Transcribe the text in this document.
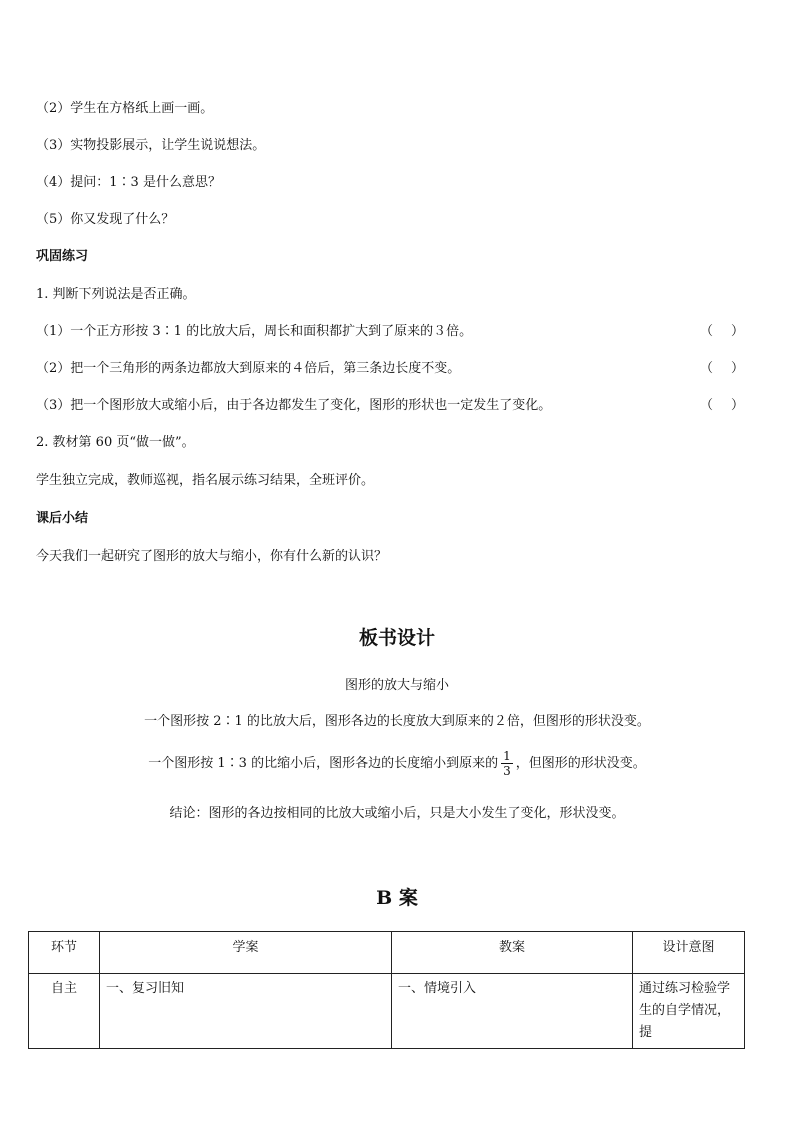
（2）学生在方格纸上画一画。
（3）实物投影展示，让学生说说想法。
（4）提问：1∶3 是什么意思？
（5）你又发现了什么？
巩固练习
1. 判断下列说法是否正确。
（1）一个正方形按 3∶1 的比放大后，周长和面积都扩大到了原来的３倍。	（ ）
（2）把一个三角形的两条边都放大到原来的４倍后，第三条边长度不变。	（ ）
（3）把一个图形放大或缩小后，由于各边都发生了变化，图形的形状也一定发生了变化。	（ ）
2. 教材第 60 页“做一做”。
学生独立完成，教师巡视，指名展示练习结果，全班评价。
课后小结
今天我们一起研究了图形的放大与缩小，你有什么新的认识？
板书设计
图形的放大与缩小
一个图形按 2∶1 的比放大后，图形各边的长度放大到原来的２倍，但图形的形状没变。
一个图形按 1∶3 的比缩小后，图形各边的长度缩小到原来的 $\frac{1}{3}$ ，但图形的形状没变。
结论：图形的各边按相同的比放大或缩小后，只是大小发生了变化，形状没变。
B 案
环节	学案	教案	设计意图
自主	一、复习旧知	一、情境引入	通过练习检验学生的自学情况，提
